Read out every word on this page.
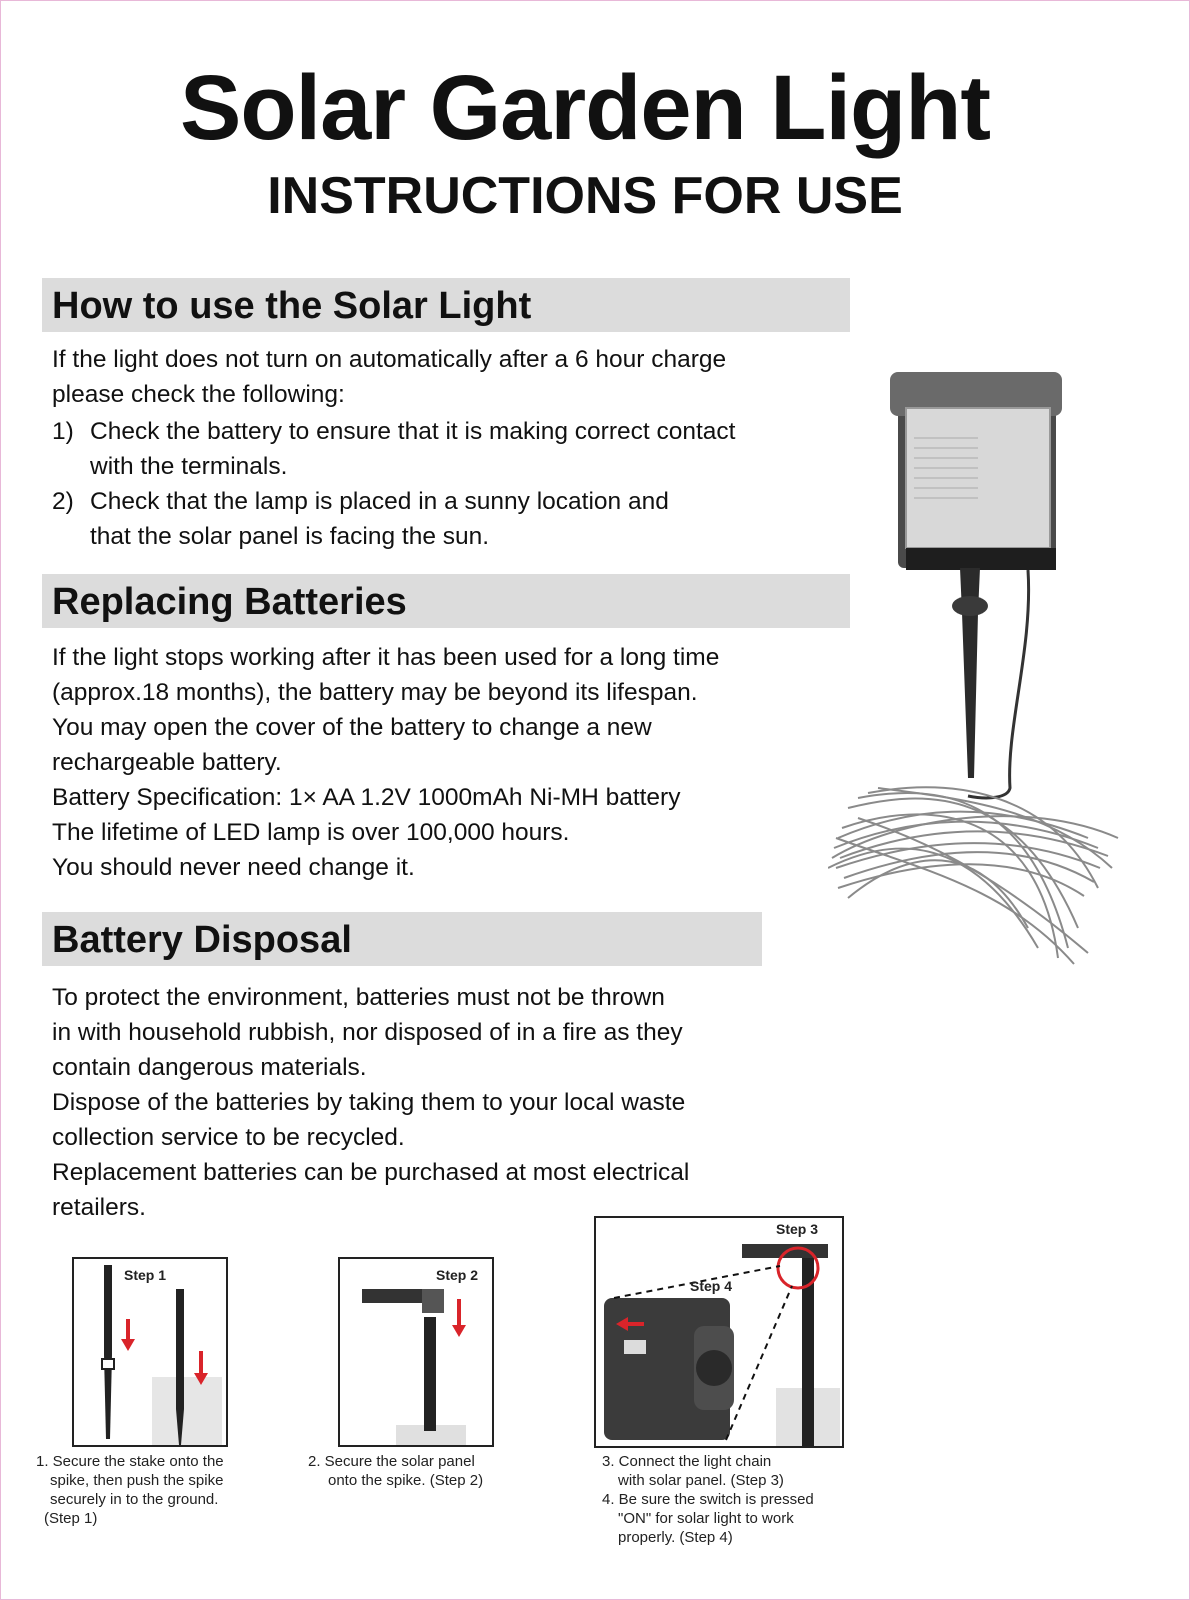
Solar Garden Light
INSTRUCTIONS FOR USE
How to use the Solar Light

If the light does not turn on automatically after a 6 hour charge

please check the following:

1) Check the battery to ensure that it is making correct contact
with the terminals.
2) Check that the lamp is placed in a sunny location and
that the solar panel is facing the sun.
Replacing Batteries

If the light stops working after it has been used for a long time

(approx.18 months), the battery may be beyond its lifespan.

You may open the cover of the battery to change a new

rechargeable battery.

Battery Specification: 1× AA 1.2V 1000mAh Ni-MH battery

The lifetime of LED lamp is over 100,000 hours.

You should never need change it.

Battery Disposal

To protect the environment, batteries must not be thrown

in with household rubbish, nor disposed of in a fire as they

contain dangerous materials.

Dispose of the batteries by taking them to your local waste

collection service to be recycled.

Replacement batteries can be purchased at most electrical

retailers.

Step 1

1. Secure the stake onto the

spike, then push the spike

securely in to the ground.

(Step 1)

Step 2

2. Secure the solar panel

onto the spike. (Step 2)

Step 3
Step 4

3. Connect the light chain

with solar panel. (Step 3)

4. Be sure the switch is pressed

"ON" for solar light to work

properly. (Step 4)
